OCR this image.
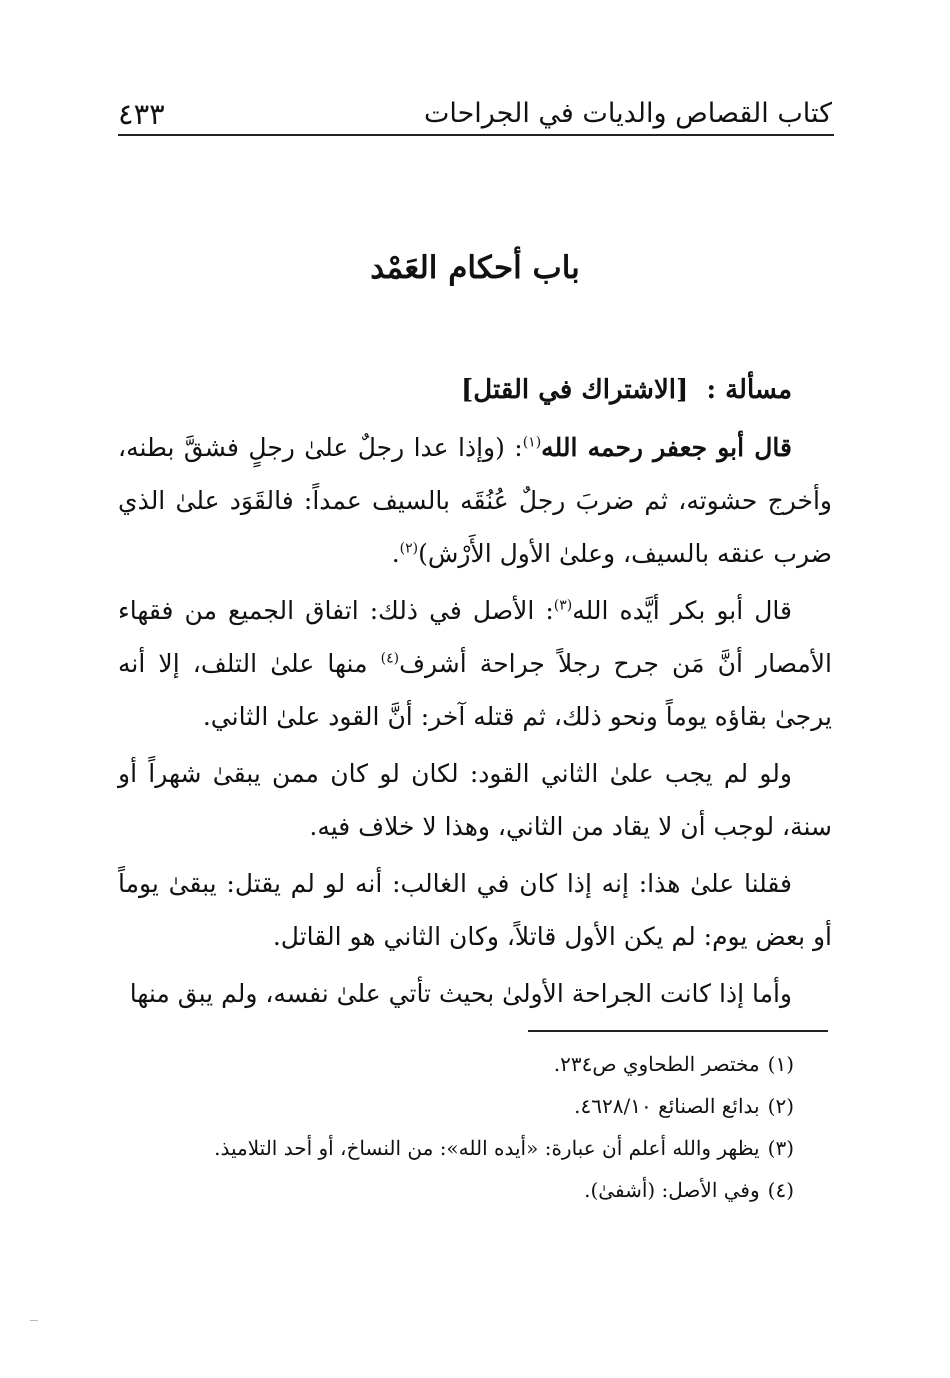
كتاب القصاص والديات في الجراحات
٤٣٣
باب أحكام العَمْد

مسألة :  [الاشتراك في القتل]

قال أبو جعفر رحمه الله$^{(١)}$: (وإذا عدا رجلٌ علىٰ رجلٍ فشقَّ بطنه، وأخرج حشوته، ثم ضربَ رجلٌ عُنُقَه بالسيف عمداً: فالقَوَد علىٰ الذي ضرب عنقه بالسيف، وعلىٰ الأول الأَرْش)$^{(٢)}$.

قال أبو بكر أيَّده الله$^{(٣)}$: الأصل في ذلك: اتفاق الجميع من فقهاء الأمصار أنَّ مَن جرح رجلاً جراحة أشرف$^{(٤)}$ منها علىٰ التلف، إلا أنه يرجىٰ بقاؤه يوماً ونحو ذلك، ثم قتله آخر: أنَّ القود علىٰ الثاني.

ولو لم يجب علىٰ الثاني القود: لكان لو كان ممن يبقىٰ شهراً أو سنة، لوجب أن لا يقاد من الثاني، وهذا لا خلاف فيه.

فقلنا علىٰ هذا: إنه إذا كان في الغالب: أنه لو لم يقتل: يبقىٰ يوماً أو بعض يوم: لم يكن الأول قاتلاً، وكان الثاني هو القاتل.

وأما إذا كانت الجراحة الأولىٰ بحيث تأتي علىٰ نفسه، ولم يبق منها

(١)مختصر الطحاوي ص٢٣٤.

(٢)بدائع الصنائع ٤٦٢٨/١٠.

(٣)يظهر والله أعلم أن عبارة: «أيده الله»: من النساخ، أو أحد التلاميذ.

(٤)وفي الأصل: (أشفىٰ).
